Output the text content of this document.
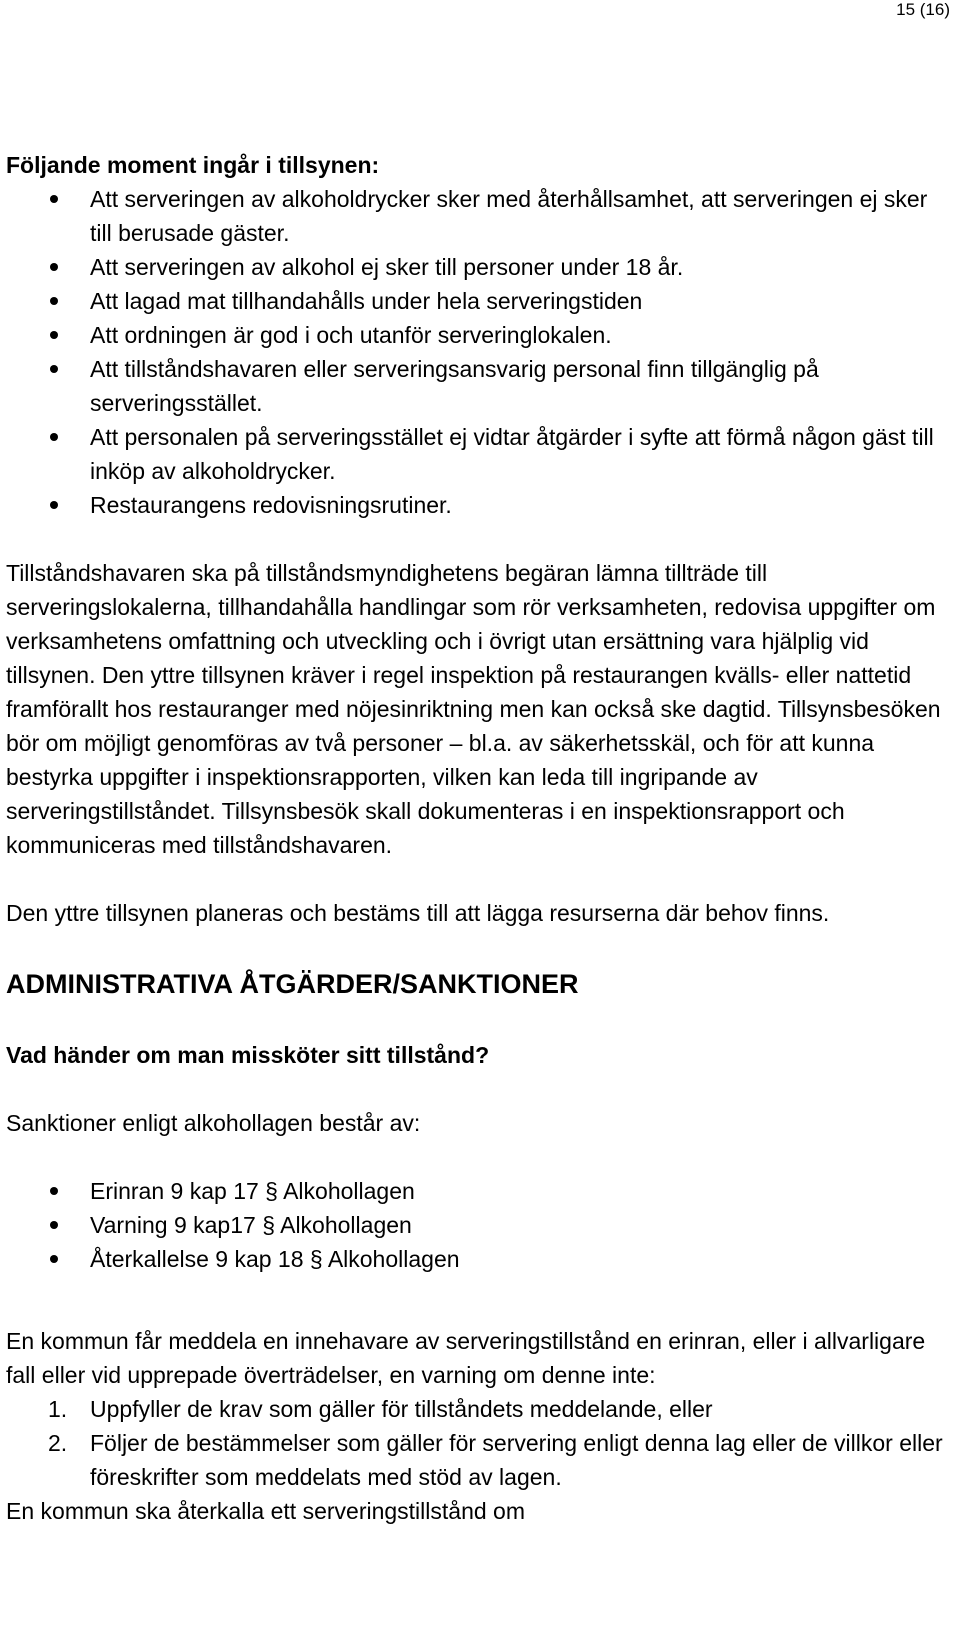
15 (16)

Följande moment ingår i tillsynen:

Att serveringen av alkoholdrycker sker med återhållsamhet, att serveringen ej sker till berusade gäster.
Att serveringen av alkohol ej sker till personer under 18 år.
Att lagad mat tillhandahålls under hela serveringstiden
Att ordningen är god i och utanför serveringlokalen.
Att tillståndshavaren eller serveringsansvarig personal finn tillgänglig på serveringsstället.
Att personalen på serveringsstället ej vidtar åtgärder i syfte att förmå någon gäst till inköp av alkoholdrycker.
Restaurangens redovisningsrutiner.

Tillståndshavaren ska på tillståndsmyndighetens begäran lämna tillträde till serveringslokalerna, tillhandahålla handlingar som rör verksamheten, redovisa uppgifter om verksamhetens omfattning och utveckling och i övrigt utan ersättning vara hjälplig vid tillsynen. Den yttre tillsynen kräver i regel inspektion på restaurangen kvälls- eller nattetid framförallt hos restauranger med nöjesinriktning men kan också ske dagtid. Tillsynsbesöken bör om möjligt genomföras av två personer – bl.a. av säkerhetsskäl, och för att kunna bestyrka uppgifter i inspektionsrapporten, vilken kan leda till ingripande av serveringstillståndet. Tillsynsbesök skall dokumenteras i en inspektionsrapport och kommuniceras med tillståndshavaren.

Den yttre tillsynen planeras och bestäms till att lägga resurserna där behov finns.

ADMINISTRATIVA ÅTGÄRDER/SANKTIONER

Vad händer om man missköter sitt tillstånd?

Sanktioner enligt alkohollagen består av:

Erinran 9 kap 17 § Alkohollagen
Varning 9 kap17 § Alkohollagen
Återkallelse 9 kap 18 § Alkohollagen

En kommun får meddela en innehavare av serveringstillstånd en erinran, eller i allvarligare fall eller vid upprepade överträdelser, en varning om denne inte:

1. Uppfyller de krav som gäller för tillståndets meddelande, eller
2. Följer de bestämmelser som gäller för servering enligt denna lag eller de villkor eller föreskrifter som meddelats med stöd av lagen.

En kommun ska återkalla ett serveringstillstånd om
